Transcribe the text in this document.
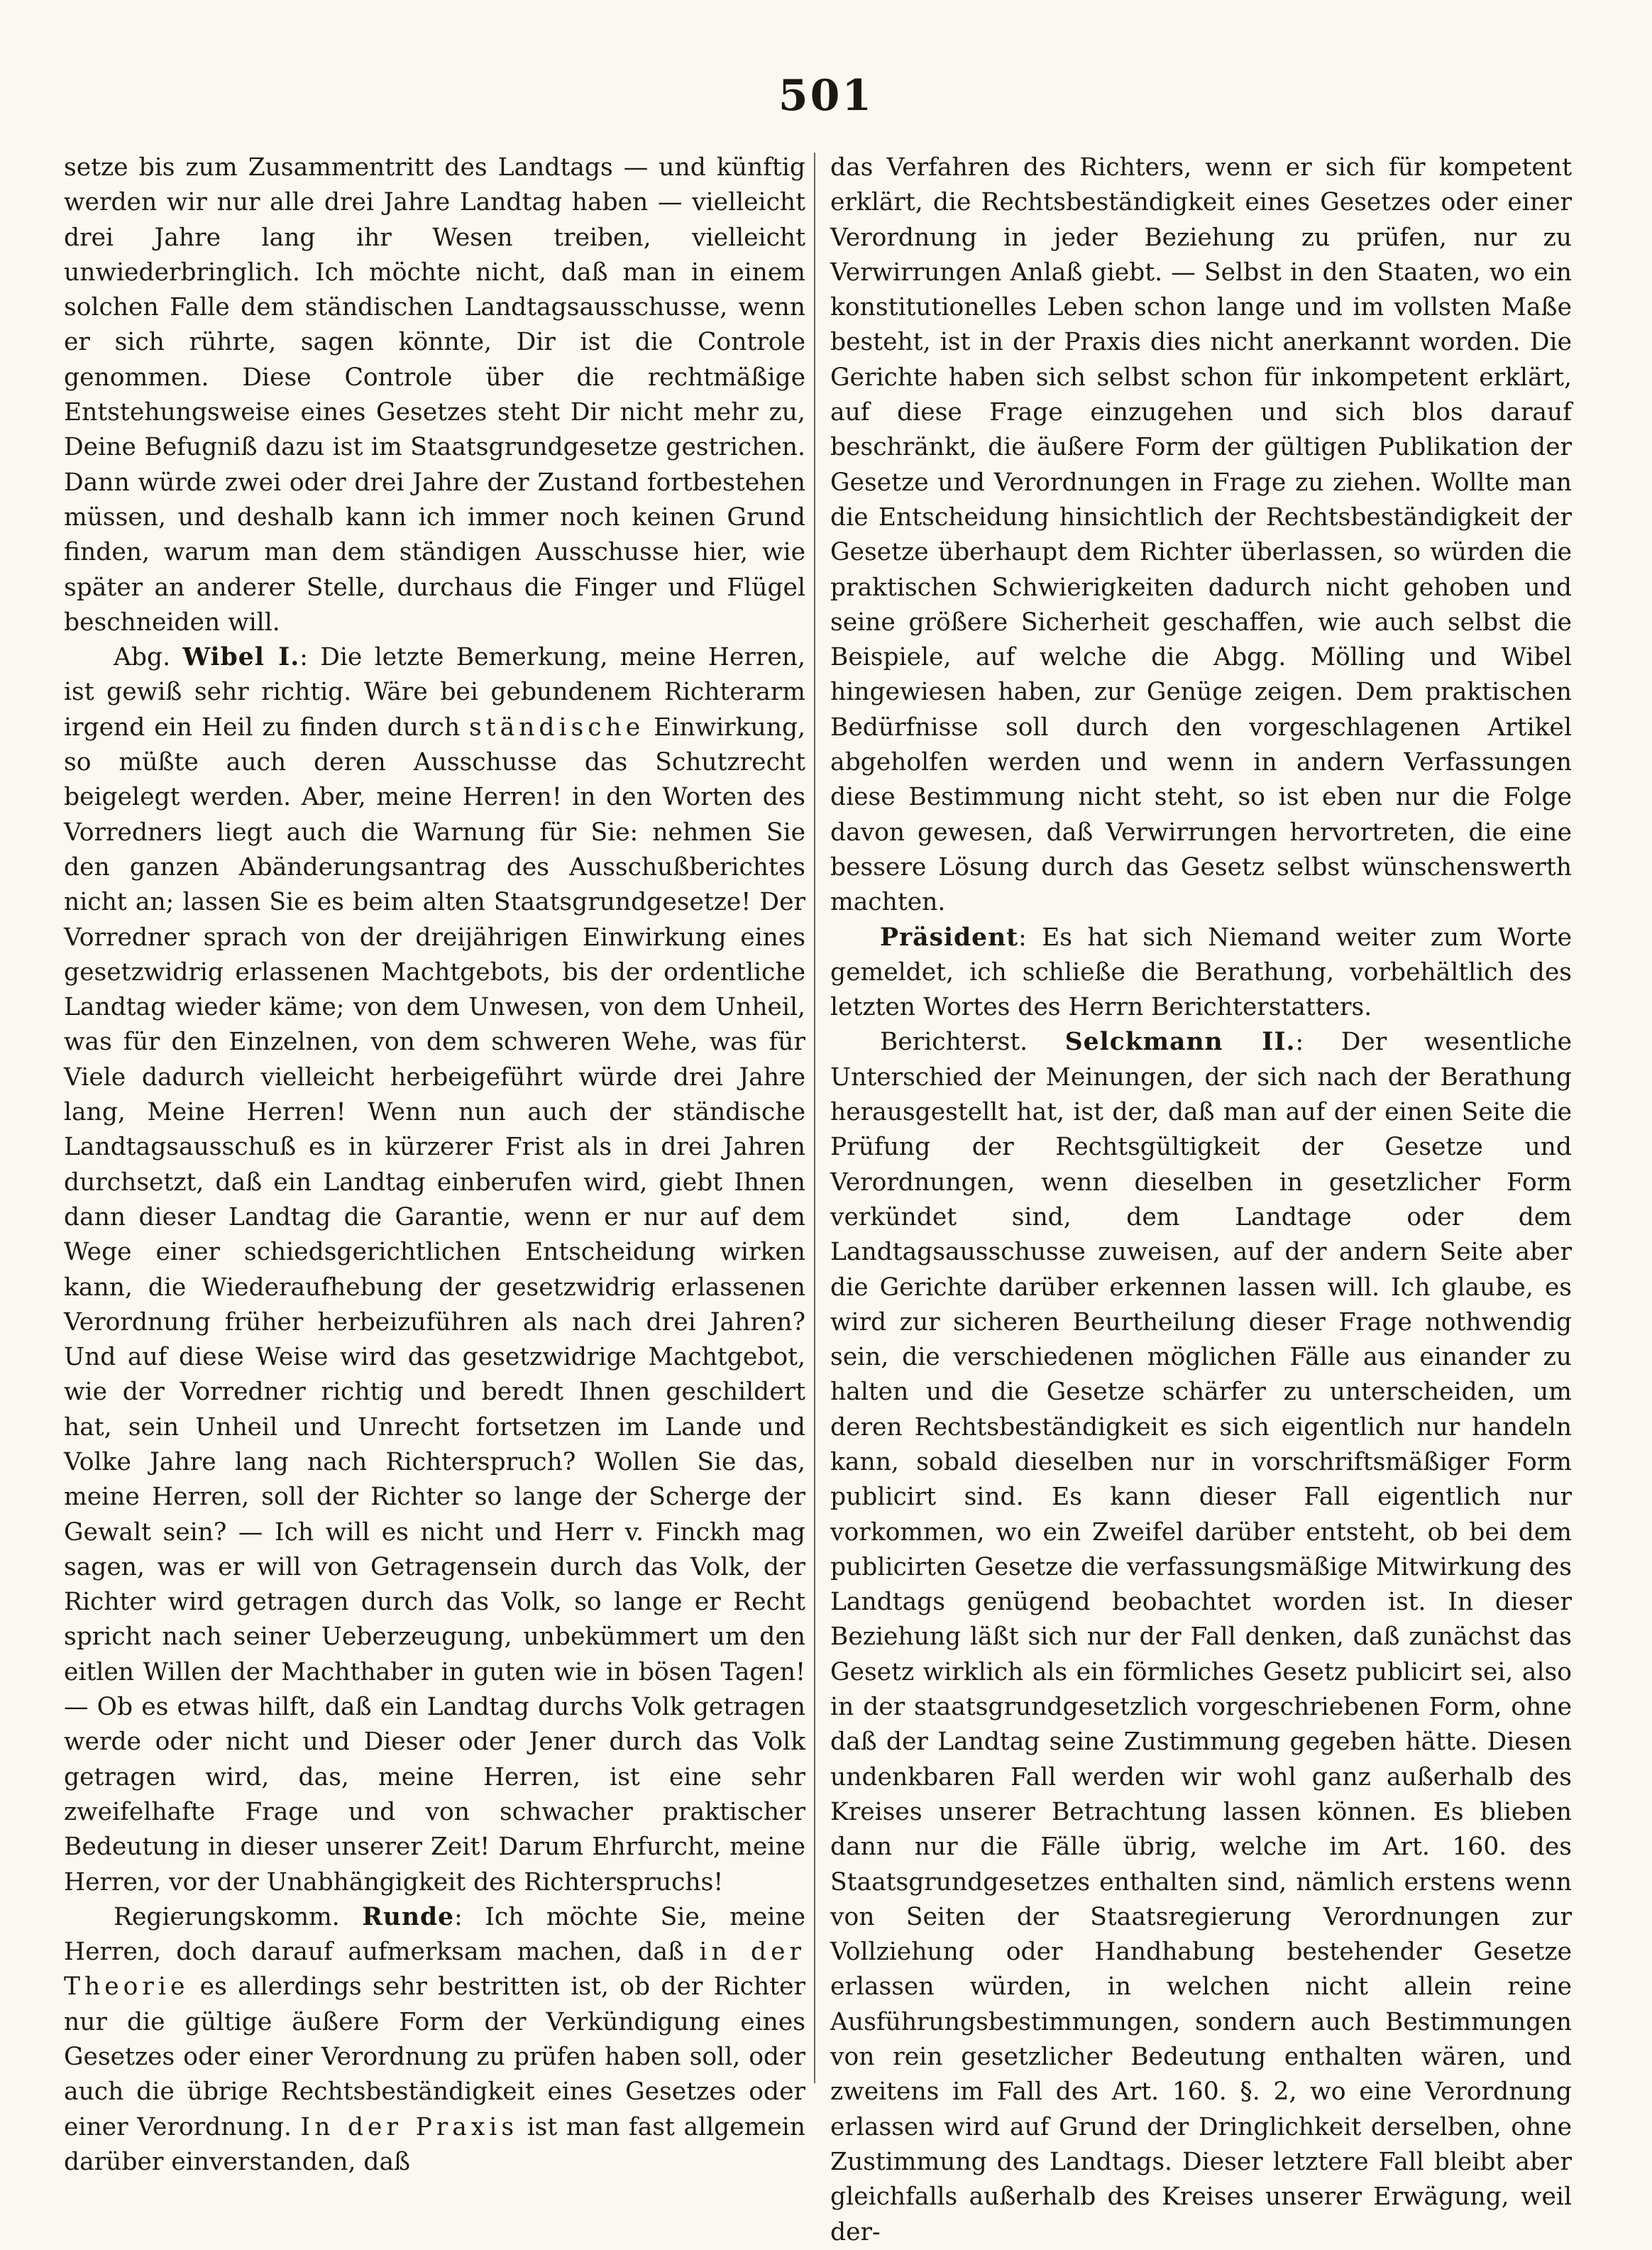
501

setze bis zum Zusammentritt des Landtags — und künftig werden wir nur alle drei Jahre Landtag haben — vielleicht drei Jahre lang ihr Wesen treiben, vielleicht unwiederbringlich. Ich möchte nicht, daß man in einem solchen Falle dem ständischen Landtagsausschusse, wenn er sich rührte, sagen könnte, Dir ist die Controle genommen. Diese Controle über die rechtmäßige Entstehungsweise eines Gesetzes steht Dir nicht mehr zu, Deine Befugniß dazu ist im Staatsgrundgesetze gestrichen. Dann würde zwei oder drei Jahre der Zustand fortbestehen müssen, und deshalb kann ich immer noch keinen Grund finden, warum man dem ständigen Ausschusse hier, wie später an anderer Stelle, durchaus die Finger und Flügel beschneiden will.

Abg. Wibel I.: Die letzte Bemerkung, meine Herren, ist gewiß sehr richtig. Wäre bei gebundenem Richterarm irgend ein Heil zu finden durch ständische Einwirkung, so müßte auch deren Ausschusse das Schutzrecht beigelegt werden. Aber, meine Herren! in den Worten des Vorredners liegt auch die Warnung für Sie: nehmen Sie den ganzen Abänderungsantrag des Ausschußberichtes nicht an; lassen Sie es beim alten Staatsgrundgesetze! Der Vorredner sprach von der dreijährigen Einwirkung eines gesetzwidrig erlassenen Machtgebots, bis der ordentliche Landtag wieder käme; von dem Unwesen, von dem Unheil, was für den Einzelnen, von dem schweren Wehe, was für Viele dadurch vielleicht herbeigeführt würde drei Jahre lang, Meine Herren! Wenn nun auch der ständische Landtagsausschuß es in kürzerer Frist als in drei Jahren durchsetzt, daß ein Landtag einberufen wird, giebt Ihnen dann dieser Landtag die Garantie, wenn er nur auf dem Wege einer schiedsgerichtlichen Entscheidung wirken kann, die Wiederaufhebung der gesetzwidrig erlassenen Verordnung früher herbeizuführen als nach drei Jahren? Und auf diese Weise wird das gesetzwidrige Machtgebot, wie der Vorredner richtig und beredt Ihnen geschildert hat, sein Unheil und Unrecht fortsetzen im Lande und Volke Jahre lang nach Richterspruch? Wollen Sie das, meine Herren, soll der Richter so lange der Scherge der Gewalt sein? — Ich will es nicht und Herr v. Finckh mag sagen, was er will von Getragensein durch das Volk, der Richter wird getragen durch das Volk, so lange er Recht spricht nach seiner Ueberzeugung, unbekümmert um den eitlen Willen der Machthaber in guten wie in bösen Tagen! — Ob es etwas hilft, daß ein Landtag durchs Volk getragen werde oder nicht und Dieser oder Jener durch das Volk getragen wird, das, meine Herren, ist eine sehr zweifelhafte Frage und von schwacher praktischer Bedeutung in dieser unserer Zeit! Darum Ehrfurcht, meine Herren, vor der Unabhängigkeit des Richterspruchs!

Regierungskomm. Runde: Ich möchte Sie, meine Herren, doch darauf aufmerksam machen, daß in der Theorie es allerdings sehr bestritten ist, ob der Richter nur die gültige äußere Form der Verkündigung eines Gesetzes oder einer Verordnung zu prüfen haben soll, oder auch die übrige Rechtsbeständigkeit eines Gesetzes oder einer Verordnung. In der Praxis ist man fast allgemein darüber einverstanden, daß

das Verfahren des Richters, wenn er sich für kompetent erklärt, die Rechtsbeständigkeit eines Gesetzes oder einer Verordnung in jeder Beziehung zu prüfen, nur zu Verwirrungen Anlaß giebt. — Selbst in den Staaten, wo ein konstitutionelles Leben schon lange und im vollsten Maße besteht, ist in der Praxis dies nicht anerkannt worden. Die Gerichte haben sich selbst schon für inkompetent erklärt, auf diese Frage einzugehen und sich blos darauf beschränkt, die äußere Form der gültigen Publikation der Gesetze und Verordnungen in Frage zu ziehen. Wollte man die Entscheidung hinsichtlich der Rechtsbeständigkeit der Gesetze überhaupt dem Richter überlassen, so würden die praktischen Schwierigkeiten dadurch nicht gehoben und seine größere Sicherheit geschaffen, wie auch selbst die Beispiele, auf welche die Abgg. Mölling und Wibel hingewiesen haben, zur Genüge zeigen. Dem praktischen Bedürfnisse soll durch den vorgeschlagenen Artikel abgeholfen werden und wenn in andern Verfassungen diese Bestimmung nicht steht, so ist eben nur die Folge davon gewesen, daß Verwirrungen hervortreten, die eine bessere Lösung durch das Gesetz selbst wünschenswerth machten.

Präsident: Es hat sich Niemand weiter zum Worte gemeldet, ich schließe die Berathung, vorbehältlich des letzten Wortes des Herrn Berichterstatters.

Berichterst. Selckmann II.: Der wesentliche Unterschied der Meinungen, der sich nach der Berathung herausgestellt hat, ist der, daß man auf der einen Seite die Prüfung der Rechtsgültigkeit der Gesetze und Verordnungen, wenn dieselben in gesetzlicher Form verkündet sind, dem Landtage oder dem Landtagsausschusse zuweisen, auf der andern Seite aber die Gerichte darüber erkennen lassen will. Ich glaube, es wird zur sicheren Beurtheilung dieser Frage nothwendig sein, die verschiedenen möglichen Fälle aus einander zu halten und die Gesetze schärfer zu unterscheiden, um deren Rechtsbeständigkeit es sich eigentlich nur handeln kann, sobald dieselben nur in vorschriftsmäßiger Form publicirt sind. Es kann dieser Fall eigentlich nur vorkommen, wo ein Zweifel darüber entsteht, ob bei dem publicirten Gesetze die verfassungsmäßige Mitwirkung des Landtags genügend beobachtet worden ist. In dieser Beziehung läßt sich nur der Fall denken, daß zunächst das Gesetz wirklich als ein förmliches Gesetz publicirt sei, also in der staatsgrundgesetzlich vorgeschriebenen Form, ohne daß der Landtag seine Zustimmung gegeben hätte. Diesen undenkbaren Fall werden wir wohl ganz außerhalb des Kreises unserer Betrachtung lassen können. Es blieben dann nur die Fälle übrig, welche im Art. 160. des Staatsgrundgesetzes enthalten sind, nämlich erstens wenn von Seiten der Staatsregierung Verordnungen zur Vollziehung oder Handhabung bestehender Gesetze erlassen würden, in welchen nicht allein reine Ausführungsbestimmungen, sondern auch Bestimmungen von rein gesetzlicher Bedeutung enthalten wären, und zweitens im Fall des Art. 160. §. 2, wo eine Verordnung erlassen wird auf Grund der Dringlichkeit derselben, ohne Zustimmung des Landtags. Dieser letztere Fall bleibt aber gleichfalls außerhalb des Kreises unserer Erwägung, weil der-
